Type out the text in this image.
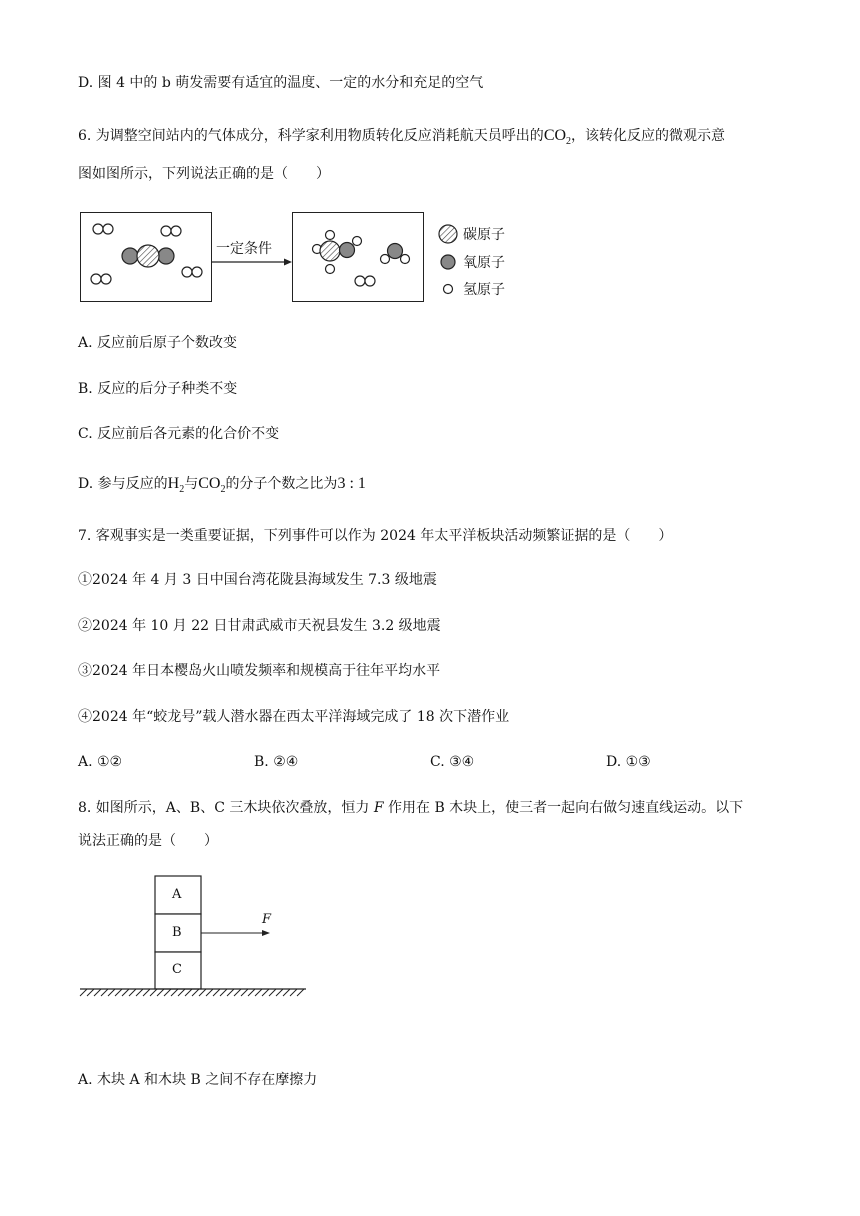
D. 图 4 中的 b 萌发需要有适宜的温度、一定的水分和充足的空气
6. 为调整空间站内的气体成分，科学家利用物质转化反应消耗航天员呼出的$CO_2$，该转化反应的微观示意
图如图所示，下列说法正确的是（　　）
一定条件
碳原子
氧原子
氢原子
A. 反应前后原子个数改变
B. 反应的后分子种类不变
C. 反应前后各元素的化合价不变
D. 参与反应的$H_2$与$CO_2$的分子个数之比为3 : 1
7. 客观事实是一类重要证据，下列事件可以作为 2024 年太平洋板块活动频繁证据的是（　　）
①2024 年 4 月 3 日中国台湾花陇县海域发生 7.3 级地震
②2024 年 10 月 22 日甘肃武威市天祝县发生 3.2 级地震
③2024 年日本樱岛火山喷发频率和规模高于往年平均水平
④2024 年“蛟龙号”载人潜水器在西太平洋海域完成了 18 次下潜作业
A. ①②	B. ②④	C. ③④	D. ①③
8. 如图所示，A、B、C 三木块依次叠放，恒力 F 作用在 B 木块上，使三者一起向右做匀速直线运动。以下
说法正确的是（　　）
A
B
C
F
A. 木块 A 和木块 B 之间不存在摩擦力
